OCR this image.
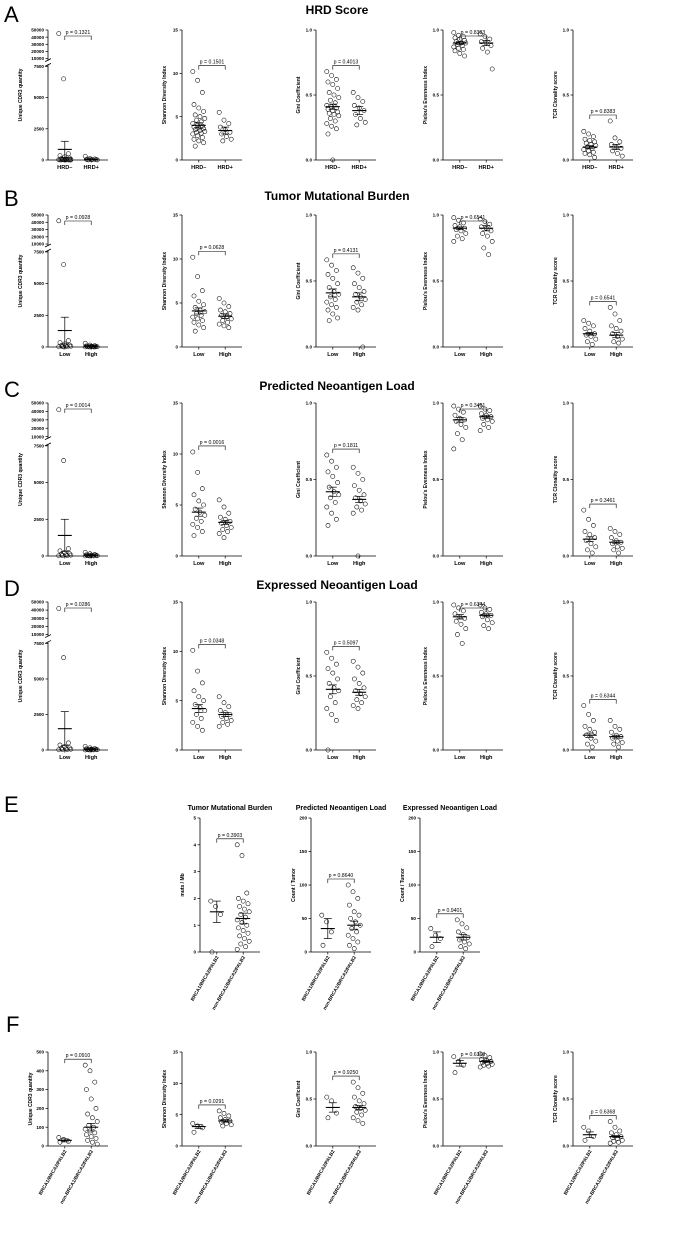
A	HRD Score
B	Tumor Mutational Burden
C	Predicted Neoantigen Load
D	Expressed Neoantigen Load
E
F
0
2500
5000
7500
10000
20000
30000
40000
50000
Unique CDR3 quantity
HRD– HRD+
p = 0.1321
0
5
10
15
Shannon Diversity Index
HRD– HRD+
p = 0.1501
0.0
0.5
1.0
Gini Coefficient
HRD– HRD+
p = 0.4013
0.0
0.5
1.0
Pielou's Evenness Index
HRD– HRD+
p = 0.8383
0.0
0.5
1.0
TCR Clonality score
HRD– HRD+
p = 0.8383
0
2500
5000
7500
10000
20000
30000
40000
50000
Unique CDR3 quantity
Low	High
p = 0.0928
0
5
10
15
Shannon Diversity Index
Low	High
p = 0.0628
0.0
0.5
1.0
Gini Coefficient
Low	High
p = 0.4131
0.0
0.5
1.0
Pielou's Evenness Index
Low	High
p = 0.6541
0.0
0.5
1.0
TCR Clonality score
Low	High
p = 0.6541
0
2500
5000
7500
10000
20000
30000
40000
50000
Unique CDR3 quantity
Low	High
p = 0.0014
0
5
10
15
Shannon Diversity Index
Low	High
p = 0.0016
0.0
0.5
1.0
Gini Coefficient
Low	High
p = 0.1811
0.0
0.5
1.0
Pielou's Evenness Index
Low	High
p = 0.3461
0.0
0.5
1.0
TCR Clonality score
Low	High
p = 0.3461
0
2500
5000
7500
10000
20000
30000
40000
50000
Unique CDR3 quantity
Low	High
p = 0.0286
0
5
10
15
Shannon Diversity Index
Low	High
p = 0.0348
0.0
0.5
1.0
Gini Coefficient
Low	High
p = 0.5097
0.0
0.5
1.0
Pielou's Evenness Index
Low	High
p = 0.6344
0.0
0.5
1.0
TCR Clonality score
Low	High
p = 0.6344
0
1
2
3
4
5
muts / Mb
BRCA1/BRCA2/PALB2
non-BRCA1/BRCA2/PALB2
p = 0.3903
Tumor Mutational Burden
0
50
100
150
200
Count / Tumor
BRCA1/BRCA2/PALB2
non-BRCA1/BRCA2/PALB2
p = 0.8640
Predicted Neoantigen Load
0
50
100
150
200
Count / Tumor
BRCA1/BRCA2/PALB2
non-BRCA1/BRCA2/PALB2
p = 0.9401
Expressed Neoantigen Load
0
100
200
300
400
500
Unique CDR3 quantity
BRCA1/BRCA2/PALB2
non-BRCA1/BRCA2/PALB2
p = 0.0910
0
5
10
15
Shannon Diversity Index
BRCA1/BRCA2/PALB2
non-BRCA1/BRCA2/PALB2
p = 0.0291
0.0
0.5
1.0
Gini Coefficient
BRCA1/BRCA2/PALB2
non-BRCA1/BRCA2/PALB2
p = 0.9250
0.0
0.5
1.0
Pielou's Evenness Index
BRCA1/BRCA2/PALB2
non-BRCA1/BRCA2/PALB2
p = 0.6368
0.0
0.5
1.0
TCR Clonality score
BRCA1/BRCA2/PALB2
non-BRCA1/BRCA2/PALB2
p = 0.6368
